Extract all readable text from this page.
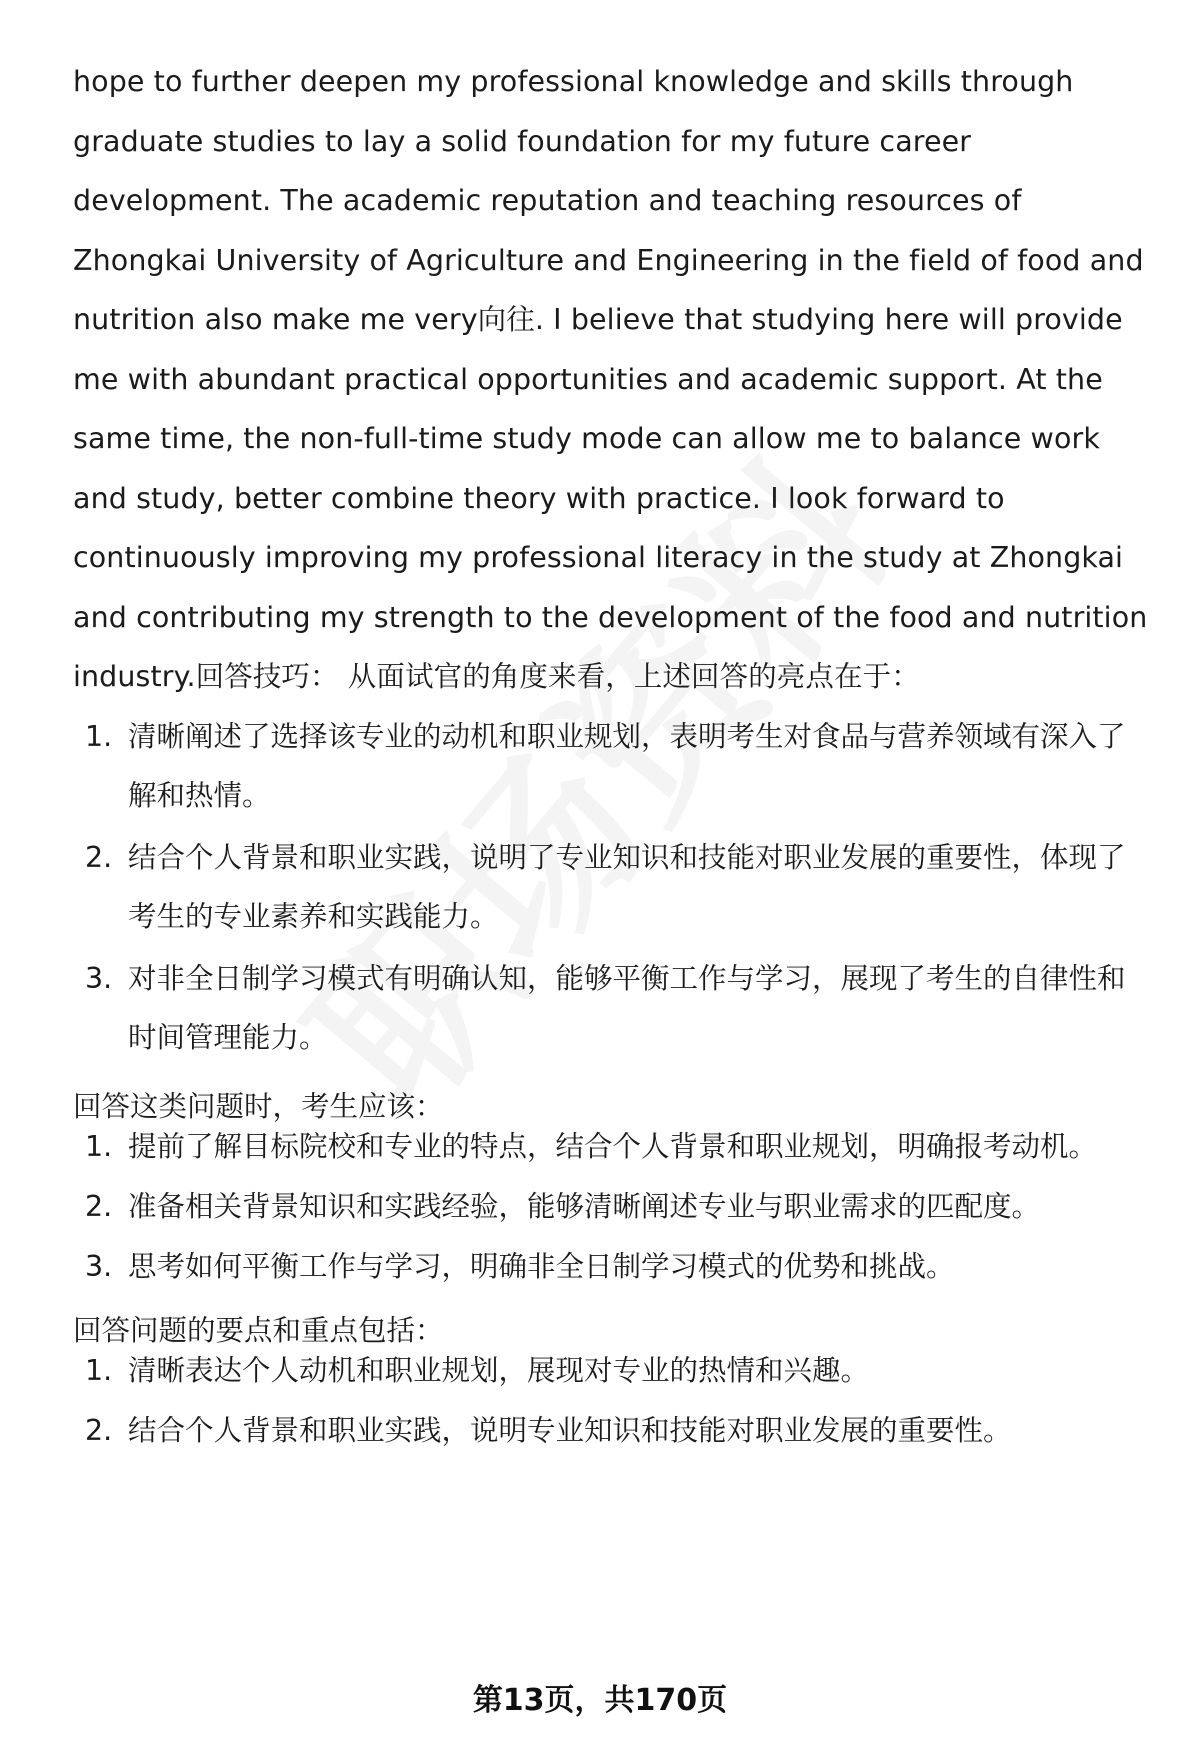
hope to further deepen my professional knowledge and skills through graduate studies to lay a solid foundation for my future career development. The academic reputation and teaching resources of Zhongkai University of Agriculture and Engineering in the field of food and nutrition also make me very向往. I believe that studying here will provide me with abundant practical opportunities and academic support. At the same time, the non-full-time study mode can allow me to balance work and study, better combine theory with practice. I look forward to continuously improving my professional literacy in the study at Zhongkai and contributing my strength to the development of the food and nutrition industry.回答技巧： 从面试官的角度来看，上述回答的亮点在于：

1. 清晰阐述了选择该专业的动机和职业规划，表明考生对食品与营养领域有深入了解和热情。
2. 结合个人背景和职业实践，说明了专业知识和技能对职业发展的重要性，体现了考生的专业素养和实践能力。
3. 对非全日制学习模式有明确认知，能够平衡工作与学习，展现了考生的自律性和时间管理能力。

回答这类问题时，考生应该：

1. 提前了解目标院校和专业的特点，结合个人背景和职业规划，明确报考动机。
2. 准备相关背景知识和实践经验，能够清晰阐述专业与职业需求的匹配度。
3. 思考如何平衡工作与学习，明确非全日制学习模式的优势和挑战。

回答问题的要点和重点包括：

1. 清晰表达个人动机和职业规划，展现对专业的热情和兴趣。
2. 结合个人背景和职业实践，说明专业知识和技能对职业发展的重要性。
第13页，共170页
